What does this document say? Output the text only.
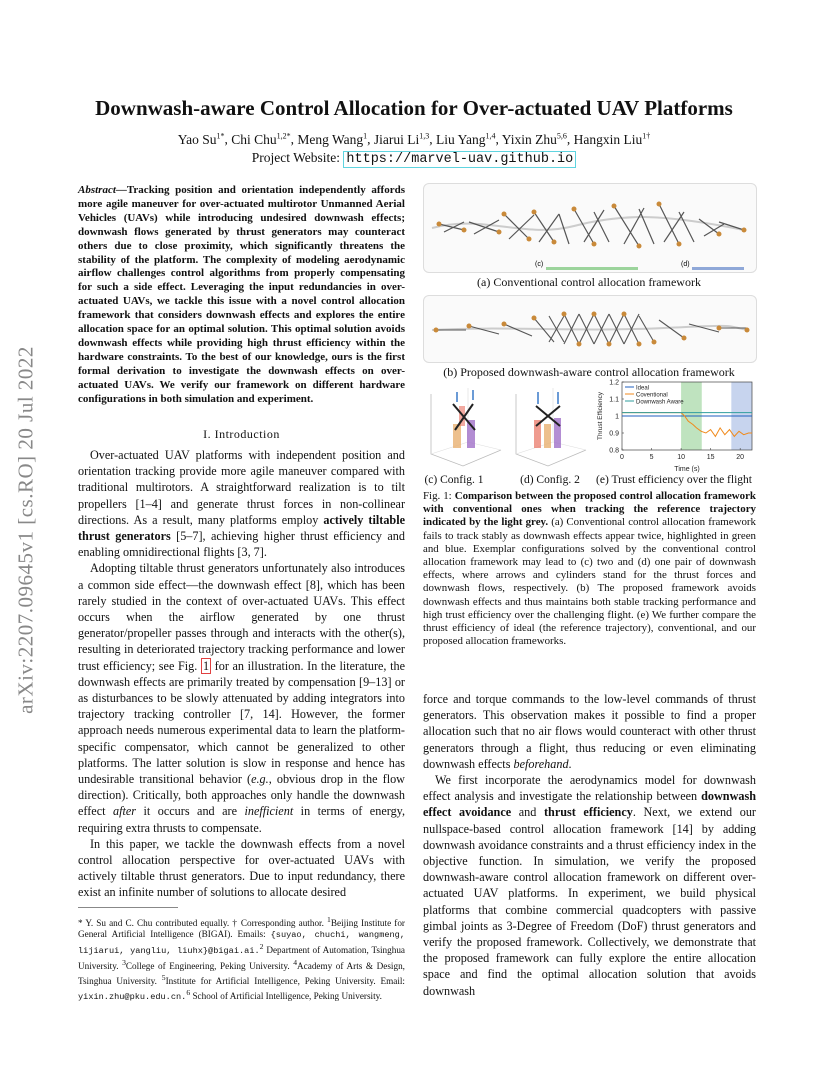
arXiv:2207.09645v1 [cs.RO] 20 Jul 2022
Downwash-aware Control Allocation for Over-actuated UAV Platforms
Yao $Su^{1*}$, Chi Chu$^{1,2*}$, Meng Wang$^1$, Jiarui Li$^{1,3}$, Liu Yang$^{1,4}$, Yixin Zhu$^{5,6}$, Hangxin Liu$^{1\dagger}$
Project Website: https://marvel-uav.github.io
Abstract—Tracking position and orientation independently affords more agile maneuver for over-actuated multirotor Unmanned Aerial Vehicles (UAVs) while introducing undesired downwash effects; downwash flows generated by thrust generators may counteract others due to close proximity, which significantly threatens the stability of the platform. The complexity of modeling aerodynamic airflow challenges control algorithms from properly compensating for such a side effect. Leveraging the input redundancies in over-actuated UAVs, we tackle this issue with a novel control allocation framework that considers downwash effects and explores the entire allocation space for an optimal solution. This optimal solution avoids downwash effects while providing high thrust efficiency within the hardware constraints. To the best of our knowledge, ours is the first formal derivation to investigate the downwash effects on over-actuated UAVs. We verify our framework on different hardware configurations in both simulation and experiment.
I. Introduction

Over-actuated UAV platforms with independent position and orientation tracking provide more agile maneuver compared with traditional multirotors. A straightforward realization is to tilt propellers [1–4] and generate thrust forces in non-collinear directions. As a result, many platforms employ actively tiltable thrust generators [5–7], achieving higher thrust efficiency and enabling omnidirectional flights [3, 7].

Adopting tiltable thrust generators unfortunately also introduces a common side effect—the downwash effect [8], which has been rarely studied in the context of over-actuated UAVs. This effect occurs when the airflow generated by one thrust generator/propeller passes through and interacts with the other(s), resulting in deteriorated trajectory tracking performance and lower trust efficiency; see Fig. 1 for an illustration. In the literature, the downwash effects are primarily treated by compensation [9–13] or as disturbances to be slowly attenuated by adding integrators into trajectory tracking controller [7, 14]. However, the former approach needs numerous experimental data to learn the platform-specific compensator, which cannot be generalized to other platforms. The latter solution is slow in response and hence has undesirable transitional behavior (e.g., obvious drop in the flow direction). Critically, both approaches only handle the downwash effect after it occurs and are inefficient in terms of energy, requiring extra thrusts to compensate.

In this paper, we tackle the downwash effects from a novel control allocation perspective for over-actuated UAVs with actively tiltable thrust generators. Due to input redundancy, there exist an infinite number of solutions to allocate desired

* Y. Su and C. Chu contributed equally. † Corresponding author. $^1$Beijing Institute for General Artificial Intelligence (BIGAI). Emails: {suyao, chuchi, wangmeng, lijiarui, yangliu, liuhx}@bigai.ai.$^2$ Department of Automation, Tsinghua University. $^3$College of Engineering, Peking University. $^4$Academy of Arts & Design, Tsinghua University. $^5$Institute for Artificial Intelligence, Peking University. Email: yixin.zhu@pku.edu.cn.$^6$ School of Artificial Intelligence, Peking University.

force and torque commands to the low-level commands of thrust generators. This observation makes it possible to find a proper allocation such that no air flows would counteract with other thrust generators through a flight, thus reducing or even eliminating downwash effects beforehand.

We first incorporate the aerodynamics model for downwash effect analysis and investigate the relationship between downwash effect avoidance and thrust efficiency. Next, we extend our nullspace-based control allocation framework [14] by adding downwash avoidance constraints and a thrust efficiency index in the objective function. In simulation, we verify the proposed downwash-aware control allocation framework on different over-actuated UAV platforms. In experiment, we build physical platforms that combine commercial quadcopters with passive gimbal joints as 3-Degree of Freedom (DoF) thrust generators and verify the proposed framework. Collectively, we demonstrate that the proposed framework can fully explore the entire allocation space and find the optimal allocation solution that avoids downwash

(c)	(d)
(a) Conventional control allocation framework
(b) Proposed downwash-aware control allocation framework
0	5	10	15	20
0.8
0.9
1
1.1
1.2
Time (s)
Thrust Efficiency
Ideal
Coventional
Downwash Aware
(c) Config. 1	(d) Config. 2	(e) Trust efficiency over the flight
Fig. 1: Comparison between the proposed control allocation framework with conventional ones when tracking the reference trajectory indicated by the light grey. (a) Conventional control allocation framework fails to track stably as downwash effects appear twice, highlighted in green and blue. Exemplar configurations solved by the conventional control allocation framework may lead to (c) two and (d) one pair of downwash effects, where arrows and cylinders stand for the thrust forces and downwash flows, respectively. (b) The proposed framework avoids downwash effects and thus maintains both stable tracking performance and high trust efficiency over the challenging flight. (e) We further compare the thrust efficiency of ideal (the reference trajectory), conventional, and our proposed allocation frameworks.
